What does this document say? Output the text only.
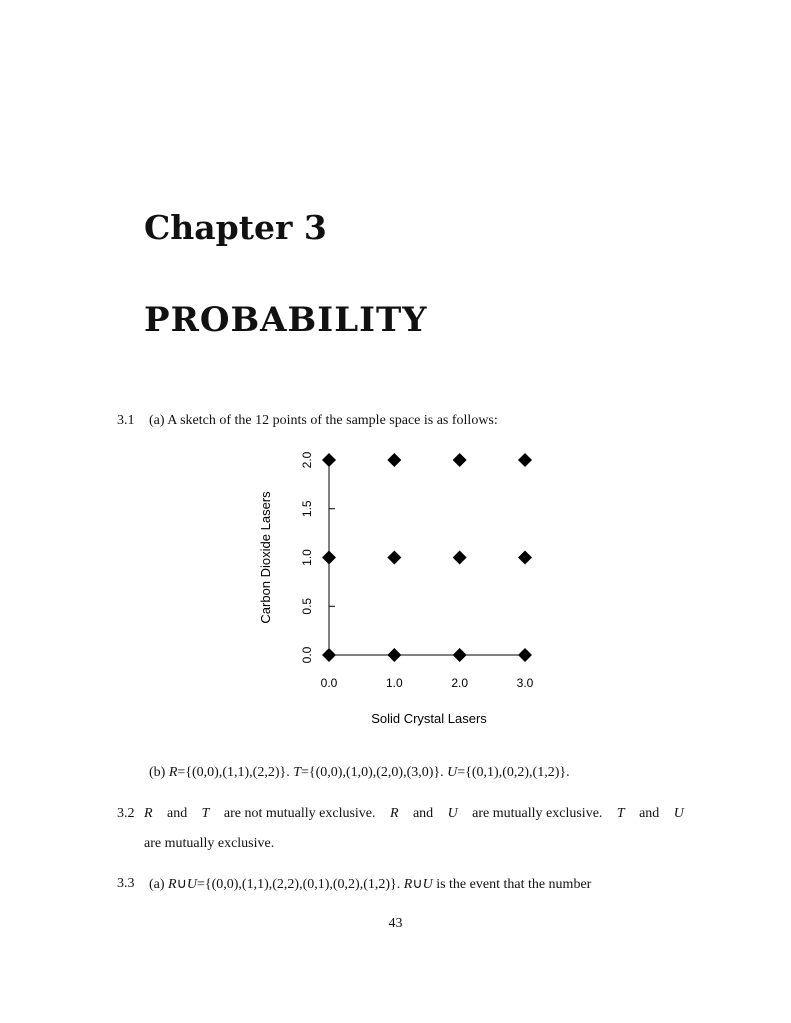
Chapter 3
PROBABILITY
3.1 (a) A sketch of the 12 points of the sample space is as follows:
0.0
0.5
1.0
1.5
2.0
0.0	1.0	2.0	3.0
Carbon Dioxide Lasers
Solid Crystal Lasers
(b) R={(0,0),(1,1),(2,2)}. T={(0,0),(1,0),(2,0),(3,0)}. U={(0,1),(0,2),(1,2)}.
3.2 R and T are not mutually exclusive. R and U are mutually exclusive. T and U
are mutually exclusive.
3.3 (a) R∪U={(0,0),(1,1),(2,2),(0,1),(0,2),(1,2)}. R∪U is the event that the number
43
